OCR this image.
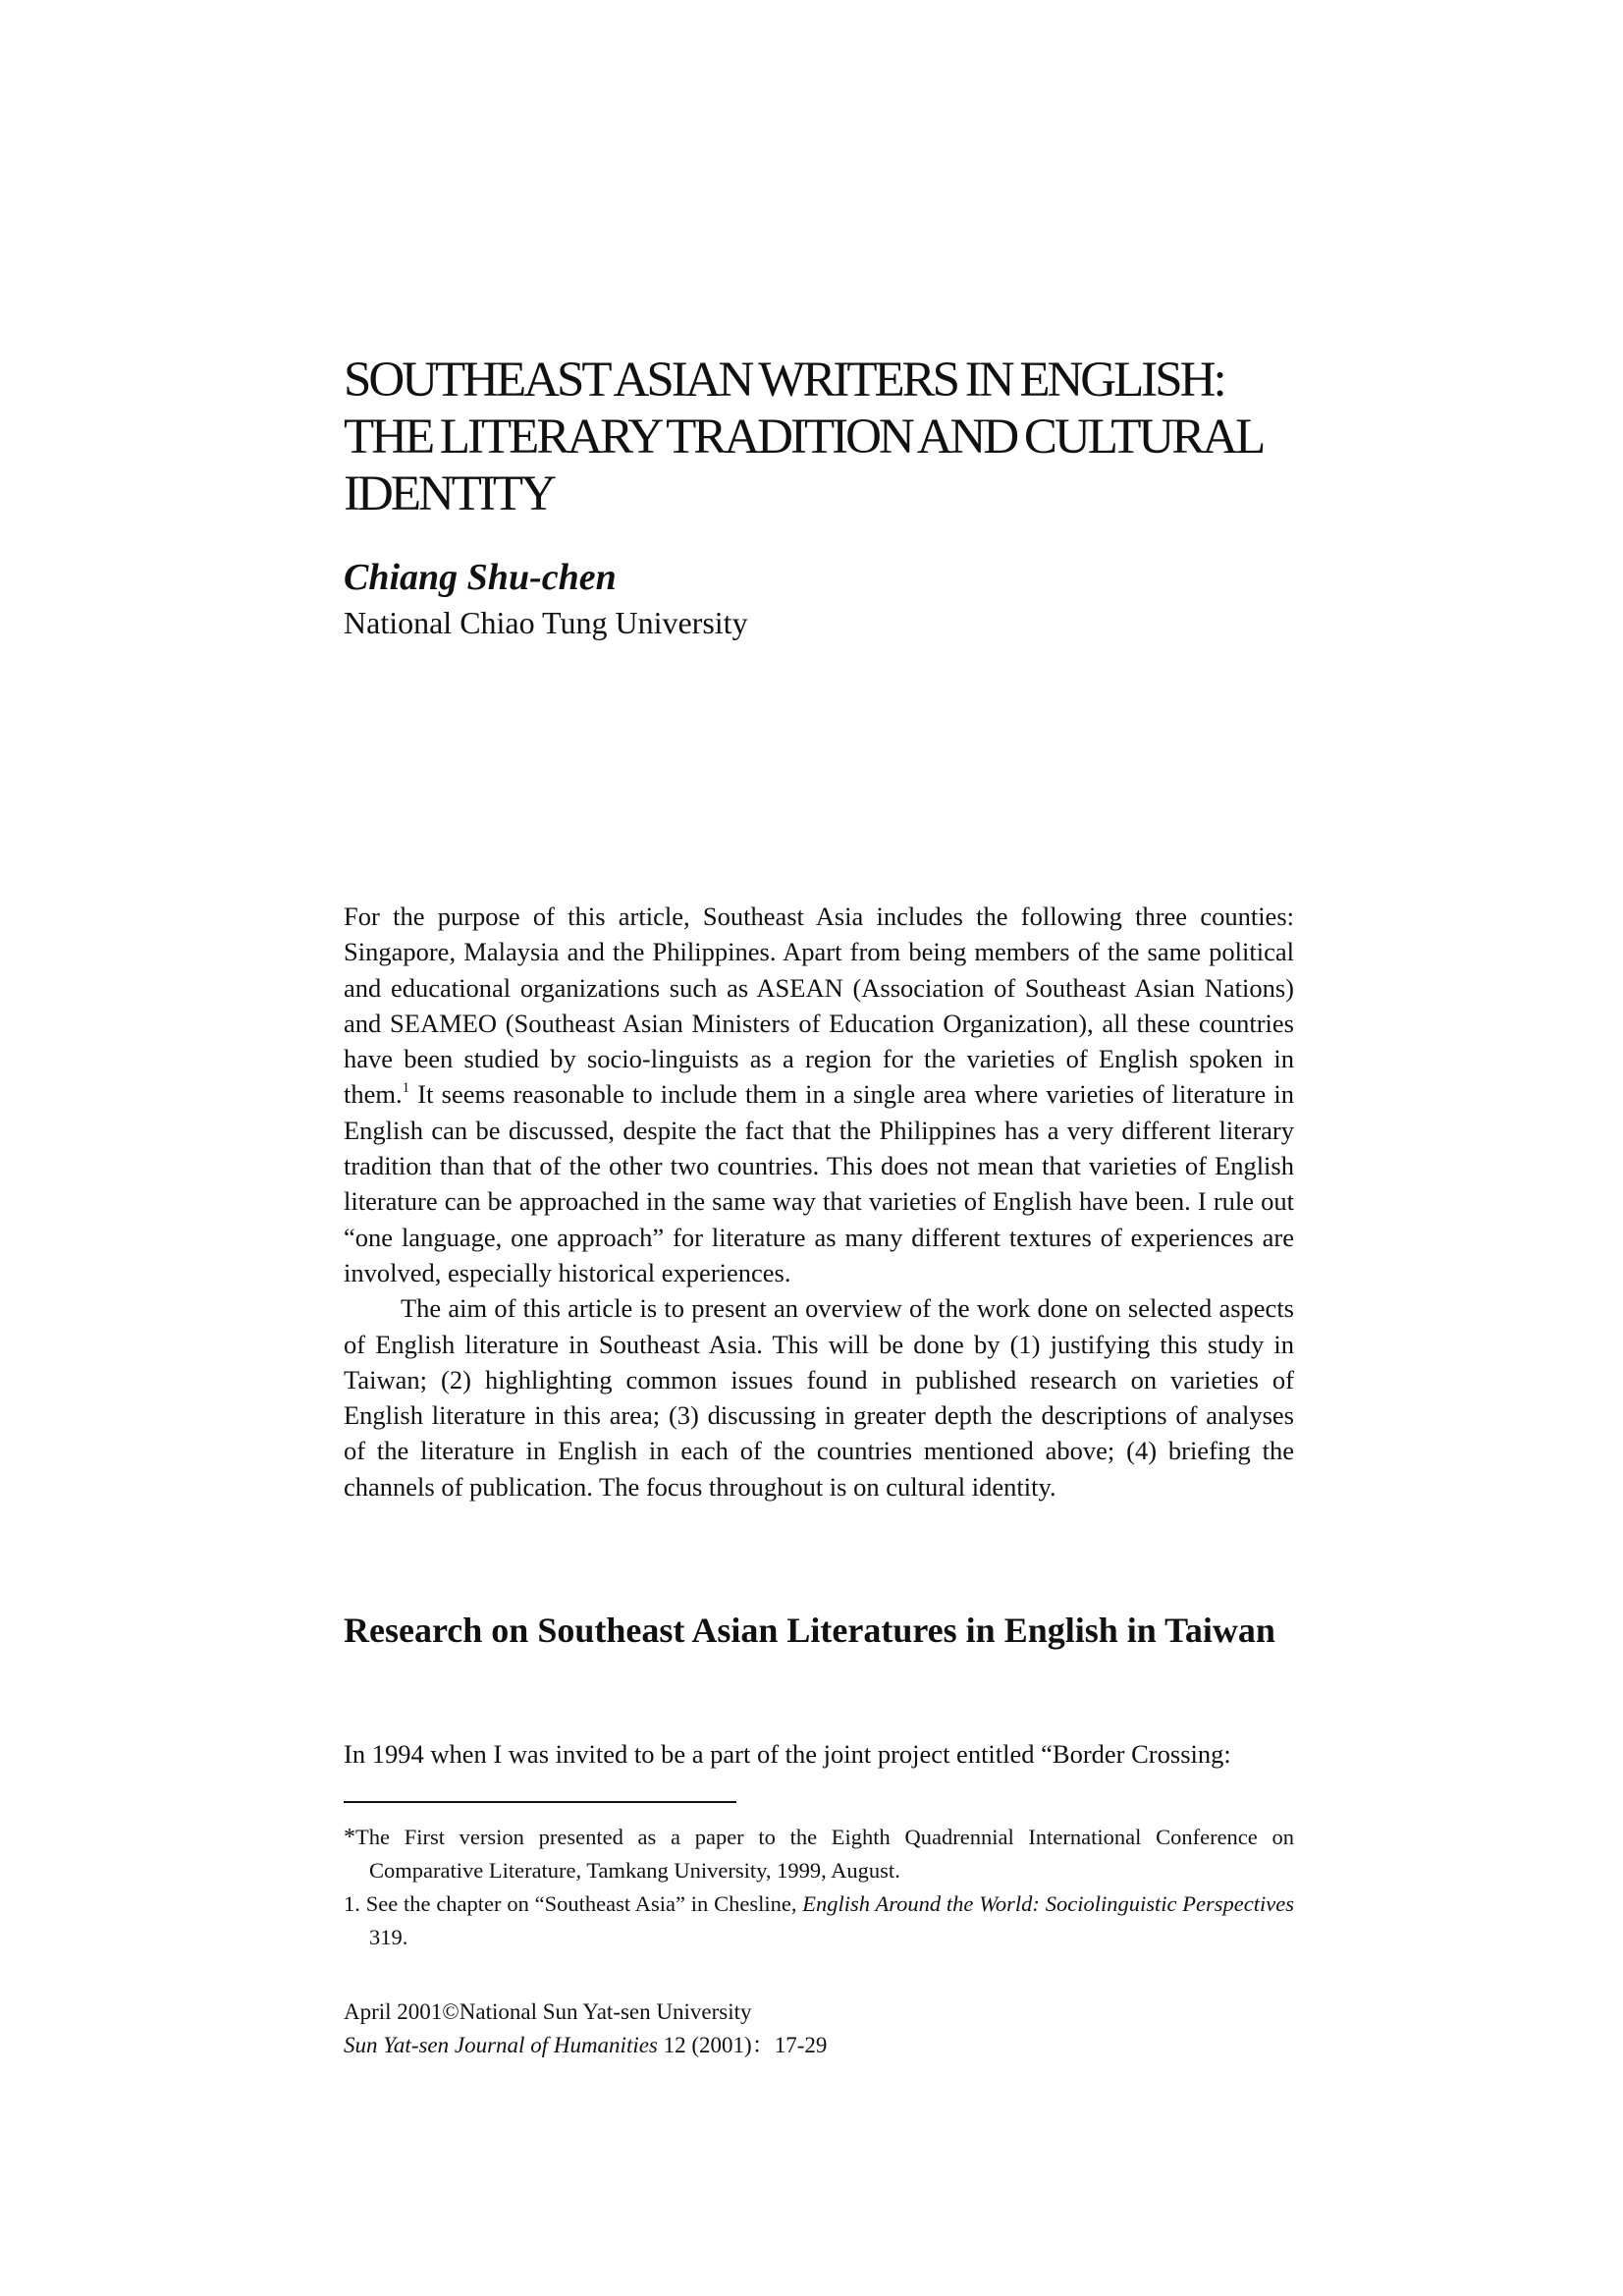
SOUTHEAST ASIAN WRITERS IN ENGLISH:
THE LITERARY TRADITION AND CULTURAL
IDENTITY
Chiang Shu-chen
National Chiao Tung University

For the purpose of this article, Southeast Asia includes the following three counties: Singapore, Malaysia and the Philippines. Apart from being members of the same political and educational organizations such as ASEAN (Association of Southeast Asian Nations) and SEAMEO (Southeast Asian Ministers of Education Organization), all these countries have been studied by socio-linguists as a region for the varieties of English spoken in them.$^1$ It seems reasonable to include them in a single area where varieties of literature in English can be discussed, despite the fact that the Philippines has a very different literary tradition than that of the other two countries. This does not mean that varieties of English literature can be approached in the same way that varieties of English have been. I rule out “one language, one approach” for literature as many different textures of experiences are involved, especially historical experiences.

The aim of this article is to present an overview of the work done on selected aspects of English literature in Southeast Asia. This will be done by (1) justifying this study in Taiwan; (2) highlighting common issues found in published research on varieties of English literature in this area; (3) discussing in greater depth the descriptions of analyses of the literature in English in each of the countries mentioned above; (4) briefing the channels of publication. The focus throughout is on cultural identity.

Research on Southeast Asian Literatures in English in Taiwan
In 1994 when I was invited to be a part of the joint project entitled “Border Crossing:

*The First version presented as a paper to the Eighth Quadrennial International Conference on Comparative Literature, Tamkang University, 1999, August.

1. See the chapter on “Southeast Asia” in Chesline, English Around the World: Sociolinguistic Perspectives 319.

April 2001©National Sun Yat-sen University
Sun Yat-sen Journal of Humanities 12 (2001)：17-29
